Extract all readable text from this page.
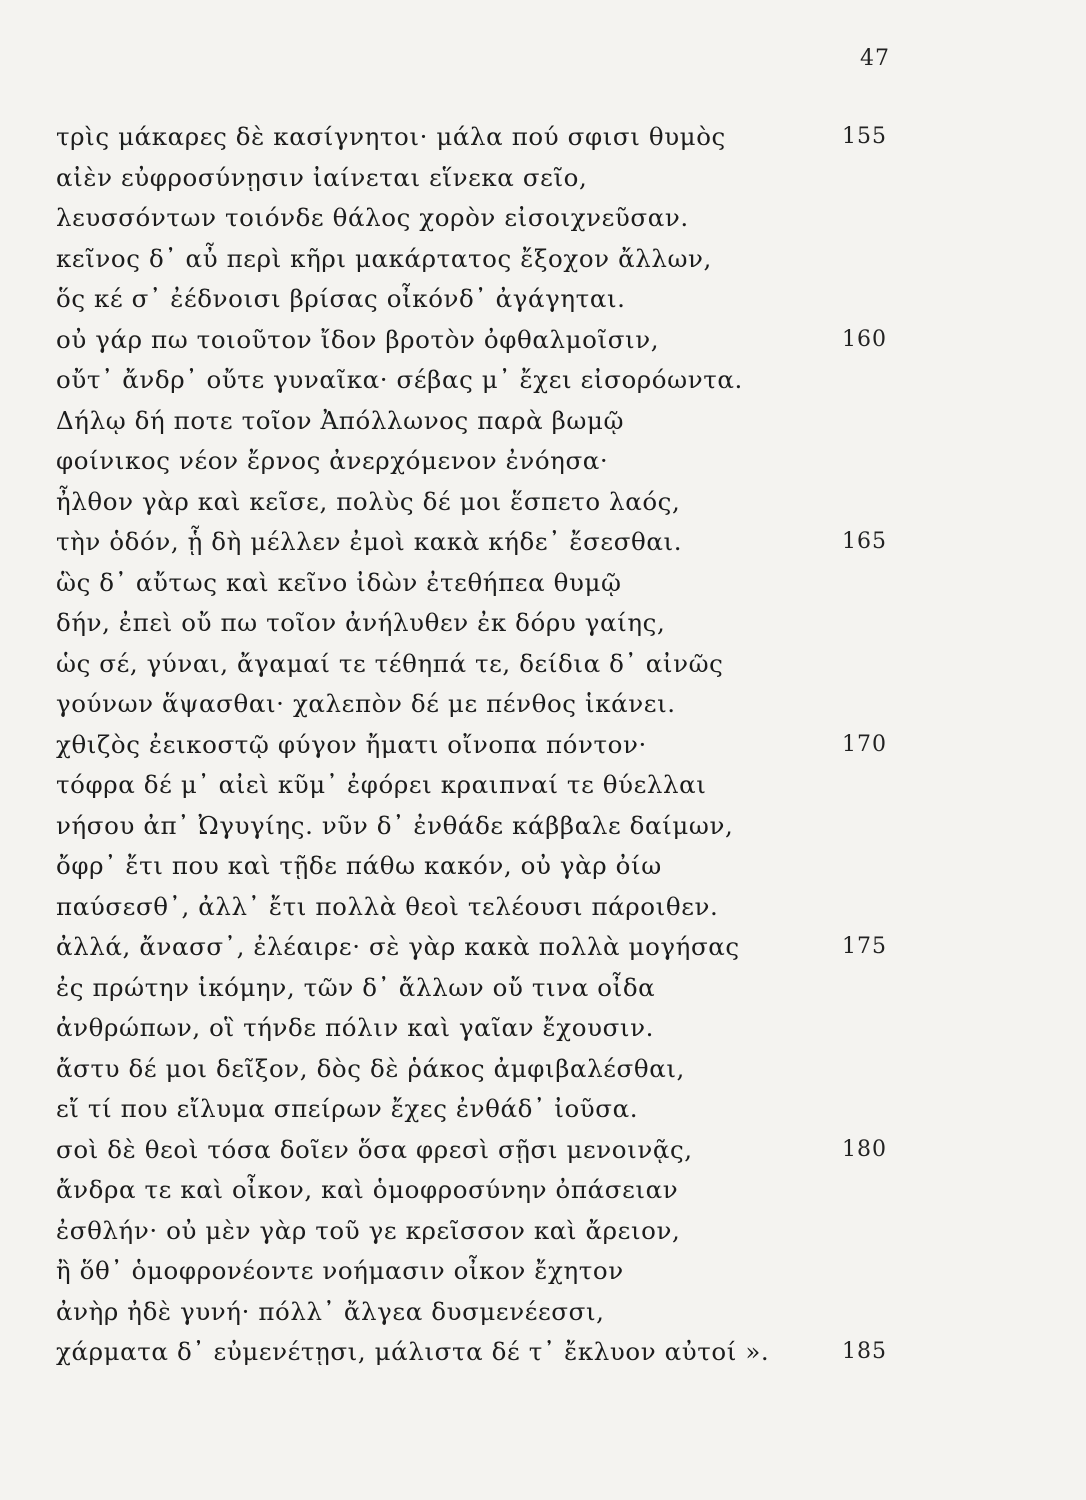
47
τρὶς μάκαρες δὲ κασίγνητοι· μάλα πού σφισι θυμὸς	155
αἰὲν εὐφροσύνῃσιν ἰαίνεται εἵνεκα σεῖο,
λευσσόντων τοιόνδε θάλος χορὸν εἰσοιχνεῦσαν.
κεῖνος δ᾽ αὖ περὶ κῆρι μακάρτατος ἔξοχον ἄλλων,
ὅς κέ σ᾽ ἐέδνοισι βρίσας οἶκόνδ᾽ ἀγάγηται.
οὐ γάρ πω τοιοῦτον ἴδον βροτὸν ὀφθαλμοῖσιν,	160
οὔτ᾽ ἄνδρ᾽ οὔτε γυναῖκα· σέβας μ᾽ ἔχει εἰσορόωντα.
Δήλῳ δή ποτε τοῖον Ἀπόλλωνος παρὰ βωμῷ
φοίνικος νέον ἔρνος ἀνερχόμενον ἐνόησα·
ἦλθον γὰρ καὶ κεῖσε, πολὺς δέ μοι ἕσπετο λαός,
τὴν ὁδόν, ᾗ δὴ μέλλεν ἐμοὶ κακὰ κήδε᾽ ἔσεσθαι.	165
ὣς δ᾽ αὔτως καὶ κεῖνο ἰδὼν ἐτεθήπεα θυμῷ
δήν, ἐπεὶ οὔ πω τοῖον ἀνήλυθεν ἐκ δόρυ γαίης,
ὡς σέ, γύναι, ἄγαμαί τε τέθηπά τε, δείδια δ᾽ αἰνῶς
γούνων ἅψασθαι· χαλεπὸν δέ με πένθος ἱκάνει.
χθιζὸς ἐεικοστῷ φύγον ἤματι οἴνοπα πόντον·	170
τόφρα δέ μ᾽ αἰεὶ κῦμ᾽ ἐφόρει κραιπναί τε θύελλαι
νήσου ἀπ᾽ Ὠγυγίης. νῦν δ᾽ ἐνθάδε κάββαλε δαίμων,
ὄφρ᾽ ἔτι που καὶ τῇδε πάθω κακόν, οὐ γὰρ ὀίω
παύσεσθ᾽, ἀλλ᾽ ἔτι πολλὰ θεοὶ τελέουσι πάροιθεν.
ἀλλά, ἄνασσ᾽, ἐλέαιρε· σὲ γὰρ κακὰ πολλὰ μογήσας	175
ἐς πρώτην ἱκόμην, τῶν δ᾽ ἄλλων οὔ τινα οἶδα
ἀνθρώπων, οἳ τήνδε πόλιν καὶ γαῖαν ἔχουσιν.
ἄστυ δέ μοι δεῖξον, δὸς δὲ ῥάκος ἀμφιβαλέσθαι,
εἴ τί που εἴλυμα σπείρων ἔχες ἐνθάδ᾽ ἰοῦσα.
σοὶ δὲ θεοὶ τόσα δοῖεν ὅσα φρεσὶ σῇσι μενοινᾷς,	180
ἄνδρα τε καὶ οἶκον, καὶ ὁμοφροσύνην ὀπάσειαν
ἐσθλήν· οὐ μὲν γὰρ τοῦ γε κρεῖσσον καὶ ἄρειον,
ἢ ὅθ᾽ ὁμοφρονέοντε νοήμασιν οἶκον ἔχητον
ἀνὴρ ἠδὲ γυνή· πόλλ᾽ ἄλγεα δυσμενέεσσι,
χάρματα δ᾽ εὐμενέτῃσι, μάλιστα δέ τ᾽ ἔκλυον αὐτοί ».	185
